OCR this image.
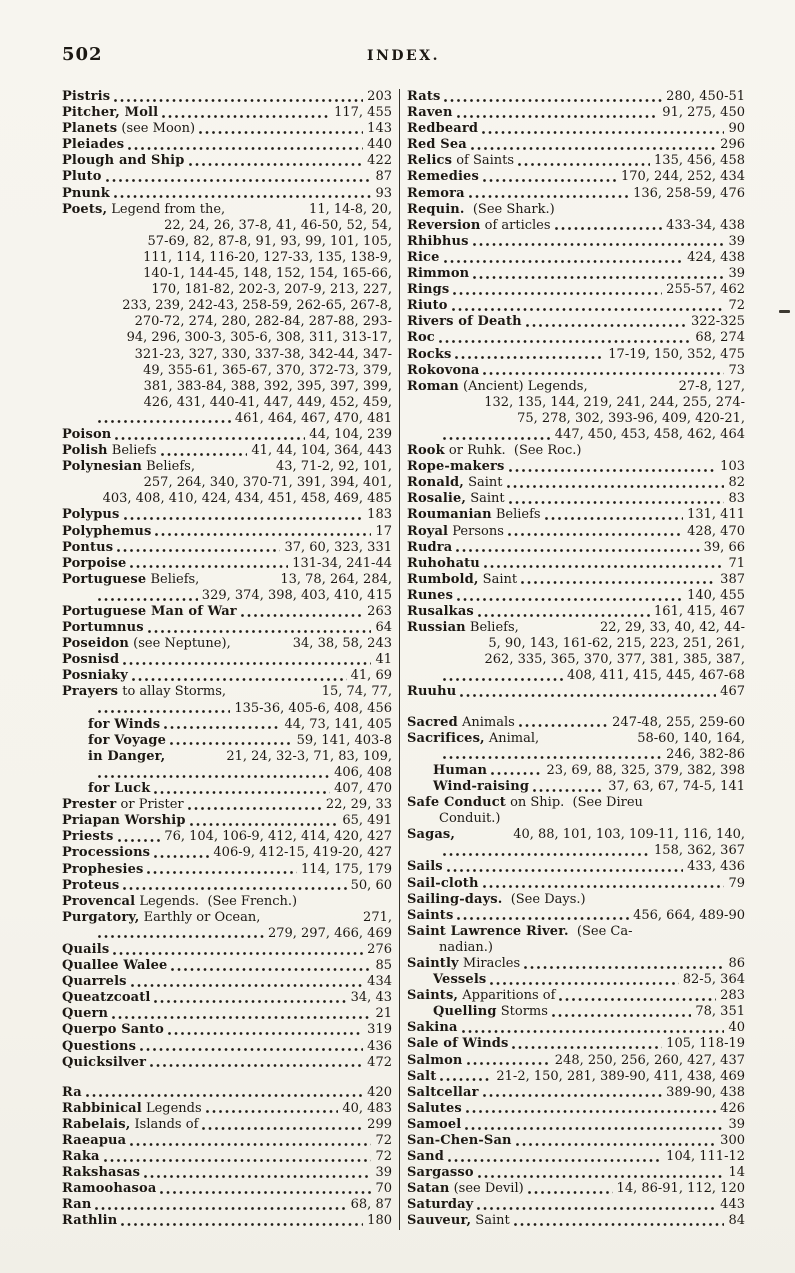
502	INDEX.
Pistris	203
Pitcher, Moll	117, 455
Planets (see Moon)	143
Pleiades	440
Plough and Ship	422
Pluto	87
Pnunk	93
Poets, Legend from the,	11, 14-8, 20,
22, 24, 26, 37-8, 41, 46-50, 52, 54,
57-69, 82, 87-8, 91, 93, 99, 101, 105,
111, 114, 116-20, 127-33, 135, 138-9,
140-1, 144-45, 148, 152, 154, 165-66,
170, 181-82, 202-3, 207-9, 213, 227,
233, 239, 242-43, 258-59, 262-65, 267-8,
270-72, 274, 280, 282-84, 287-88, 293-
94, 296, 300-3, 305-6, 308, 311, 313-17,
321-23, 327, 330, 337-38, 342-44, 347-
49, 355-61, 365-67, 370, 372-73, 379,
381, 383-84, 388, 392, 395, 397, 399,
426, 431, 440-41, 447, 449, 452, 459,
461, 464, 467, 470, 481
Poison	44, 104, 239
Polish Beliefs	41, 44, 104, 364, 443
Polynesian Beliefs,	43, 71-2, 92, 101,
257, 264, 340, 370-71, 391, 394, 401,
403, 408, 410, 424, 434, 451, 458, 469, 485
Polypus	183
Polyphemus	17
Pontus	37, 60, 323, 331
Porpoise	131-34, 241-44
Portuguese Beliefs,	13, 78, 264, 284,
329, 374, 398, 403, 410, 415
Portuguese Man of War	263
Portumnus	64
Poseidon (see Neptune),	34, 38, 58, 243
Posnisd	41
Posniaky	41, 69
Prayers to allay Storms,	15, 74, 77,
135-36, 405-6, 408, 456
for Winds	44, 73, 141, 405
for Voyage	59, 141, 403-8
in Danger,	21, 24, 32-3, 71, 83, 109,
406, 408
for Luck	407, 470
Prester or Prister	22, 29, 33
Priapan Worship	65, 491
Priests	76, 104, 106-9, 412, 414, 420, 427
Processions	406-9, 412-15, 419-20, 427
Prophesies	114, 175, 179
Proteus	50, 60
Provencal Legends.  (See French.)
Purgatory, Earthly or Ocean,	271,
279, 297, 466, 469
Quails	276
Quallee Walee	85
Quarrels	434
Queatzcoatl	34, 43
Quern	21
Querpo Santo	319
Questions	436
Quicksilver	472
Ra	420
Rabbinical Legends	40, 483
Rabelais, Islands of	299
Raeapua	72
Raka	72
Rakshasas	39
Ramoohasoa	70
Ran	68, 87
Rathlin	180
Rats	280, 450-51
Raven	91, 275, 450
Redbeard	90
Red Sea	296
Relics of Saints	135, 456, 458
Remedies	170, 244, 252, 434
Remora	136, 258-59, 476
Requin. (See Shark.)
Reversion of articles	433-34, 438
Rhibhus	39
Rice	424, 438
Rimmon	39
Rings	255-57, 462
Riuto	72
Rivers of Death	322-325
Roc	68, 274
Rocks	17-19, 150, 352, 475
Rokovona	73
Roman (Ancient) Legends,	27-8, 127,
132, 135, 144, 219, 241, 244, 255, 274-
75, 278, 302, 393-96, 409, 420-21,
447, 450, 453, 458, 462, 464
Rook or Ruhk.  (See Roc.)
Rope-makers	103
Ronald, Saint	82
Rosalie, Saint	83
Roumanian Beliefs	131, 411
Royal Persons	428, 470
Rudra	39, 66
Ruhohatu	71
Rumbold, Saint	387
Runes	140, 455
Rusalkas	161, 415, 467
Russian Beliefs,	22, 29, 33, 40, 42, 44-
5, 90, 143, 161-62, 215, 223, 251, 261,
262, 335, 365, 370, 377, 381, 385, 387,
408, 411, 415, 445, 467-68
Ruuhu	467
Sacred Animals	247-48, 255, 259-60
Sacrifices, Animal,	58-60, 140, 164,
246, 382-86
Human	23, 69, 88, 325, 379, 382, 398
Wind-raising	37, 63, 67, 74-5, 141
Safe Conduct on Ship.  (See Direu
Conduit.)
Sagas,	40, 88, 101, 103, 109-11, 116, 140,
158, 362, 367
Sails	433, 436
Sail-cloth	79
Sailing-days. (See Days.)
Saints	456, 664, 489-90
Saint Lawrence River. (See Ca-
nadian.)
Saintly Miracles	86
Vessels	82-5, 364
Saints, Apparitions of	283
Quelling Storms	78, 351
Sakina	40
Sale of Winds	105, 118-19
Salmon	248, 250, 256, 260, 427, 437
Salt	21-2, 150, 281, 389-90, 411, 438, 469
Saltcellar	389-90, 438
Salutes	426
Samoel	39
San-Chen-San	300
Sand	104, 111-12
Sargasso	14
Satan (see Devil)	14, 86-91, 112, 120
Saturday	443
Sauveur, Saint	84
